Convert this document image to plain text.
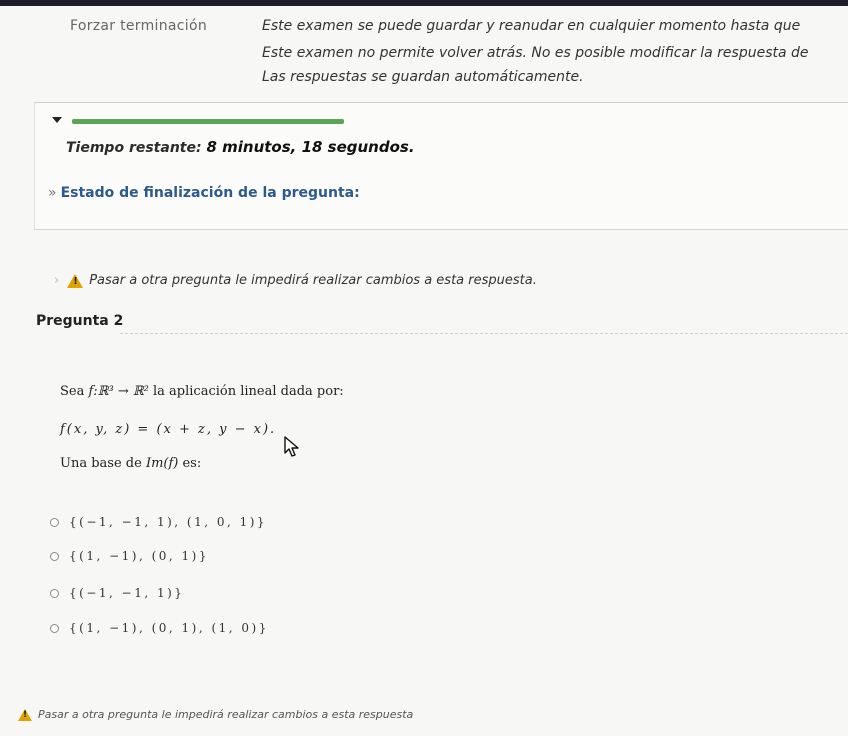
Forzar terminación	Este examen se puede guardar y reanudar en cualquier momento hasta que
Este examen no permite volver atrás. No es posible modificar la respuesta de
Las respuestas se guardan automáticamente.
Tiempo restante: 8 minutos, 18 segundos.
» Estado de finalización de la pregunta:
›
! Pasar a otra pregunta le impedirá realizar cambios a esta respuesta.
Pregunta 2
Sea f:ℝ³ → ℝ² la aplicación lineal dada por:
f(x, y, z) = (x + z, y − x).
Una base de Im(f) es:
{(−1, −1, 1), (1, 0, 1)}
{(1, −1), (0, 1)}
{(−1, −1, 1)}
{(1, −1), (0, 1), (1, 0)}
!
Pasar a otra pregunta le impedirá realizar cambios a esta respuesta
